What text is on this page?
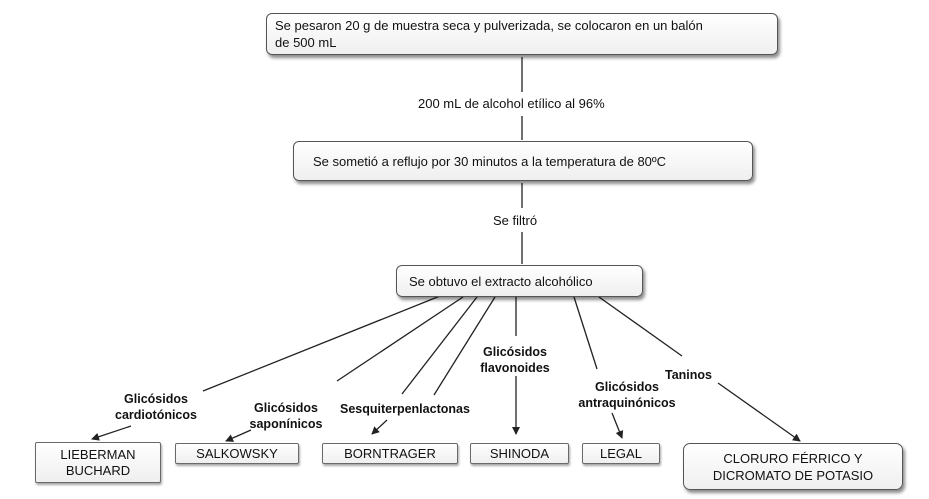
Se pesaron 20 g de muestra seca y pulverizada, se colocaron en un balón
de 500 mL
200 mL de alcohol etílico al 96%
Se sometió a reflujo por 30 minutos a la temperatura de 80ºC
Se filtró
Se obtuvo el extracto alcohólico
Glicósidos
cardiotónicos	Glicósidos
saponínicos
Sesquiterpenlactonas
Glicósidos
flavonoides
Glicósidos
antraquinónicos
Taninos
LIEBERMAN
BUCHARD
SALKOWSKY	BORNTRAGER	SHINODA	LEGAL	CLORURO FÉRRICO Y
DICROMATO DE POTASIO
